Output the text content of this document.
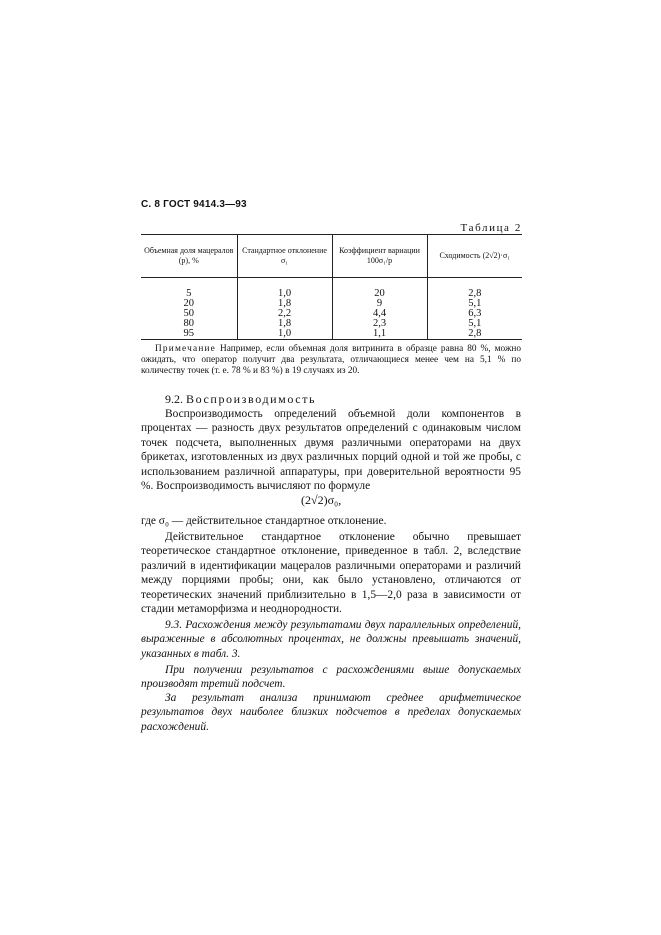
С. 8 ГОСТ 9414.3—93
Таблица 2
Объемная доля мацералов (p), %	Стандартное отклонение σ₁	Коэффициент вариации 100σ₁/p	Сходимость (2√2)·σ₁
5	1,0	20	2,8
20	1,8	9	5,1
50	2,2	4,4	6,3
80	1,8	2,3	5,1
95	1,0	1,1	2,8
Примечание Например, если объемная доля витринита в образце равна 80 %, можно ожидать, что оператор получит два результата, отличающиеся менее чем на 5,1 % по количеству точек (т. е. 78 % и 83 %) в 19 случаях из 20.
9.2. Воспроизводимость
Воспроизводимость определений объемной доли компонентов в процентах — разность двух результатов определений с одинаковым числом точек подсчета, выполненных двумя различными операторами на двух брикетах, изготовленных из двух различных порций одной и той же пробы, с использованием различной аппаратуры, при доверительной вероятности 95 %. Воспроизводимость вычисляют по формуле
(2√2)σ₀,
где σ₀ — действительное стандартное отклонение.
Действительное стандартное отклонение обычно превышает теоретическое стандартное отклонение, приведенное в табл. 2, вследствие различий в идентификации мацералов различными операторами и различий между порциями пробы; они, как было установлено, отличаются от теоретических значений приблизительно в 1,5—2,0 раза в зависимости от стадии метаморфизма и неоднородности.
9.3. Расхождения между результатами двух параллельных определений, выраженные в абсолютных процентах, не должны превышать значений, указанных в табл. 3.
При получении результатов с расхождениями выше допускаемых производят третий подсчет.
За результат анализа принимают среднее арифметическое результатов двух наиболее близких подсчетов в пределах допускаемых расхождений.
